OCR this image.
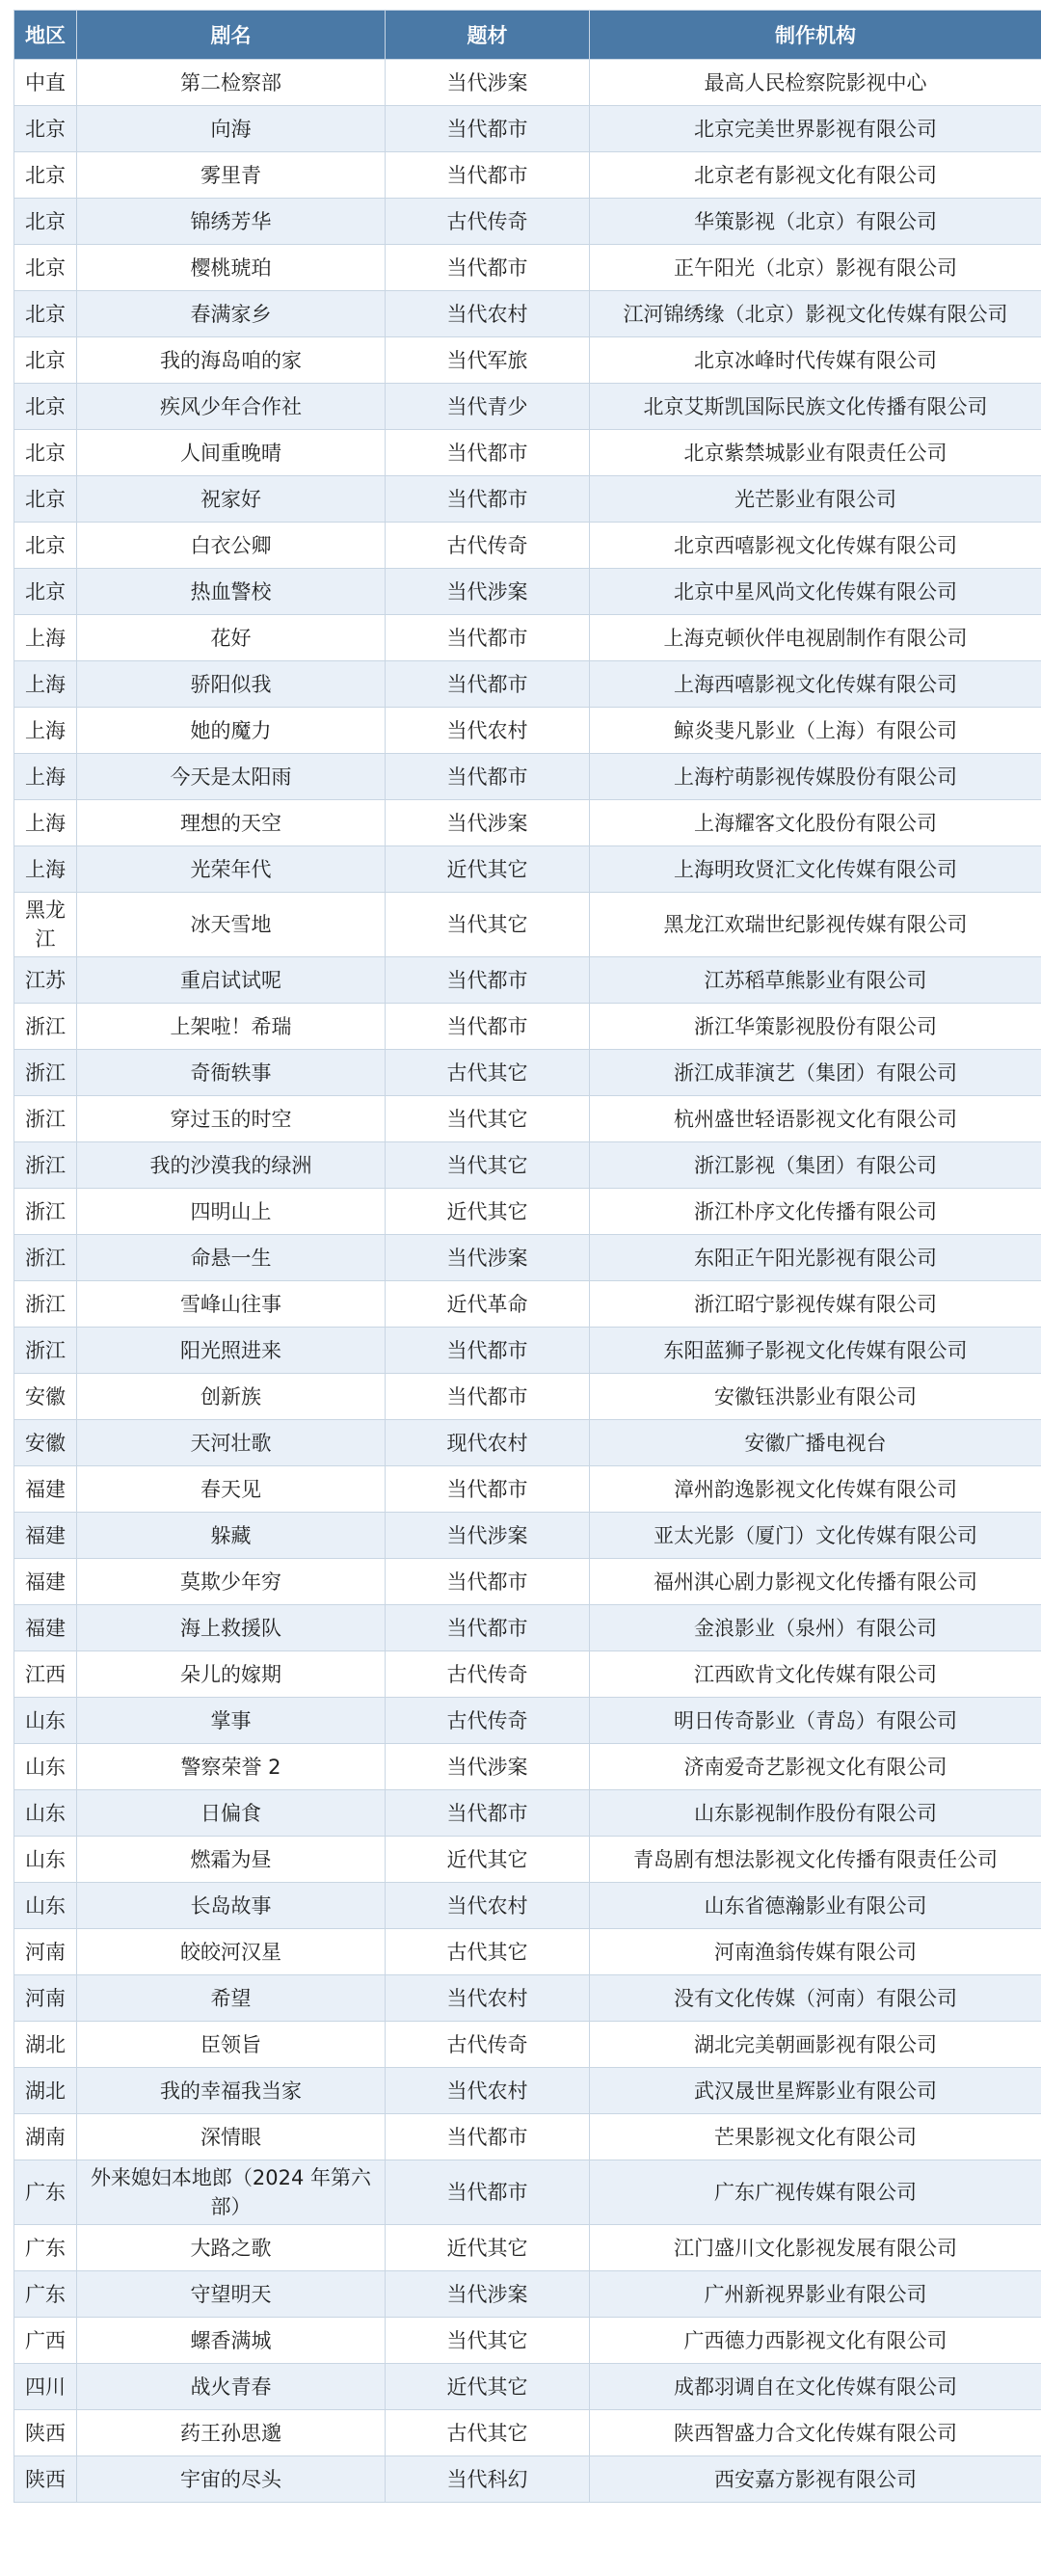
地区	剧名	题材	制作机构
中直	第二检察部	当代涉案	最高人民检察院影视中心
北京	向海	当代都市	北京完美世界影视有限公司
北京	雾里青	当代都市	北京老有影视文化有限公司
北京	锦绣芳华	古代传奇	华策影视（北京）有限公司
北京	樱桃琥珀	当代都市	正午阳光（北京）影视有限公司
北京	春满家乡	当代农村	江河锦绣缘（北京）影视文化传媒有限公司
北京	我的海岛咱的家	当代军旅	北京冰峰时代传媒有限公司
北京	疾风少年合作社	当代青少	北京艾斯凯国际民族文化传播有限公司
北京	人间重晚晴	当代都市	北京紫禁城影业有限责任公司
北京	祝家好	当代都市	光芒影业有限公司
北京	白衣公卿	古代传奇	北京西嘻影视文化传媒有限公司
北京	热血警校	当代涉案	北京中星风尚文化传媒有限公司
上海	花好	当代都市	上海克顿伙伴电视剧制作有限公司
上海	骄阳似我	当代都市	上海西嘻影视文化传媒有限公司
上海	她的魔力	当代农村	鲸炎斐凡影业（上海）有限公司
上海	今天是太阳雨	当代都市	上海柠萌影视传媒股份有限公司
上海	理想的天空	当代涉案	上海耀客文化股份有限公司
上海	光荣年代	近代其它	上海明玫贤汇文化传媒有限公司
黑龙江	冰天雪地	当代其它	黑龙江欢瑞世纪影视传媒有限公司
江苏	重启试试呢	当代都市	江苏稻草熊影业有限公司
浙江	上架啦！希瑞	当代都市	浙江华策影视股份有限公司
浙江	奇衙轶事	古代其它	浙江成菲演艺（集团）有限公司
浙江	穿过玉的时空	当代其它	杭州盛世轻语影视文化有限公司
浙江	我的沙漠我的绿洲	当代其它	浙江影视（集团）有限公司
浙江	四明山上	近代其它	浙江朴序文化传播有限公司
浙江	命悬一生	当代涉案	东阳正午阳光影视有限公司
浙江	雪峰山往事	近代革命	浙江昭宁影视传媒有限公司
浙江	阳光照进来	当代都市	东阳蓝狮子影视文化传媒有限公司
安徽	创新族	当代都市	安徽钰洪影业有限公司
安徽	天河壮歌	现代农村	安徽广播电视台
福建	春天见	当代都市	漳州韵逸影视文化传媒有限公司
福建	躲藏	当代涉案	亚太光影（厦门）文化传媒有限公司
福建	莫欺少年穷	当代都市	福州淇心剧力影视文化传播有限公司
福建	海上救援队	当代都市	金浪影业（泉州）有限公司
江西	朵儿的嫁期	古代传奇	江西欧肯文化传媒有限公司
山东	掌事	古代传奇	明日传奇影业（青岛）有限公司
山东	警察荣誉 2	当代涉案	济南爱奇艺影视文化有限公司
山东	日偏食	当代都市	山东影视制作股份有限公司
山东	燃霜为昼	近代其它	青岛剧有想法影视文化传播有限责任公司
山东	长岛故事	当代农村	山东省德瀚影业有限公司
河南	皎皎河汉星	古代其它	河南渔翁传媒有限公司
河南	希望	当代农村	没有文化传媒（河南）有限公司
湖北	臣领旨	古代传奇	湖北完美朝画影视有限公司
湖北	我的幸福我当家	当代农村	武汉晟世星辉影业有限公司
湖南	深情眼	当代都市	芒果影视文化有限公司
广东	外来媳妇本地郎（2024 年第六部）	当代都市	广东广视传媒有限公司
广东	大路之歌	近代其它	江门盛川文化影视发展有限公司
广东	守望明天	当代涉案	广州新视界影业有限公司
广西	螺香满城	当代其它	广西德力西影视文化有限公司
四川	战火青春	近代其它	成都羽调自在文化传媒有限公司
陕西	药王孙思邈	古代其它	陕西智盛力合文化传媒有限公司
陕西	宇宙的尽头	当代科幻	西安嘉方影视有限公司
